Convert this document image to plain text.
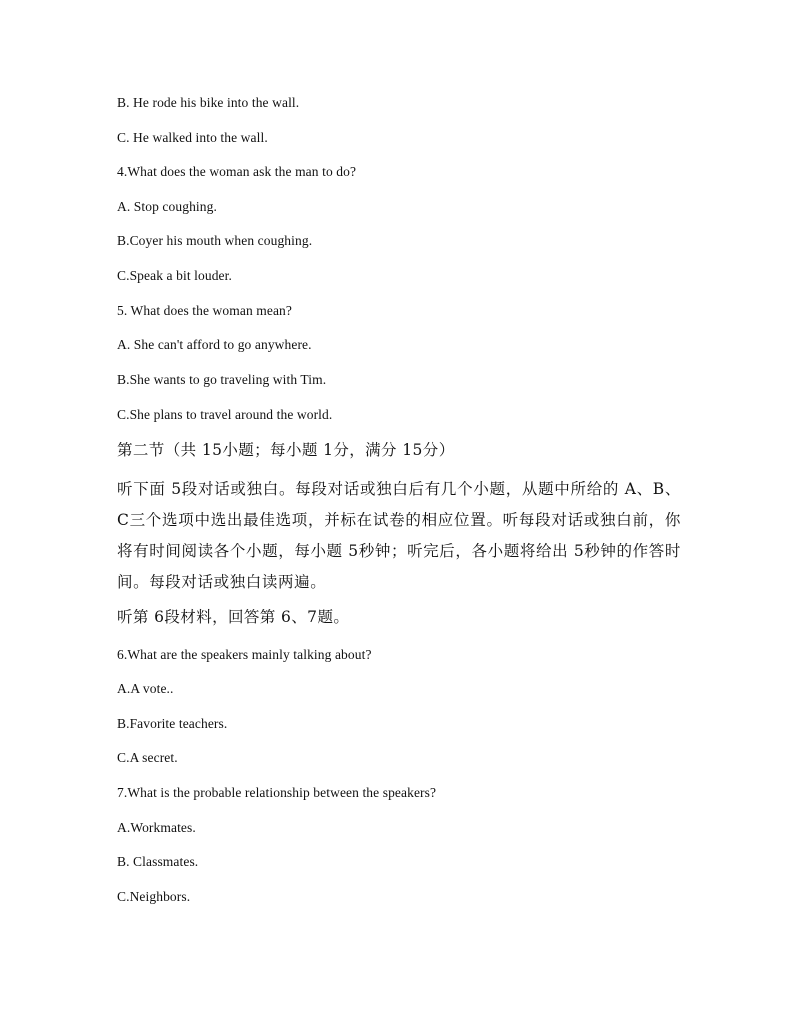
B. He rode his bike into the wall.
C. He walked into the wall.
4.What does the woman ask the man to do?
A. Stop coughing.
B.Coyer his mouth when coughing.
C.Speak a bit louder.
5. What does the woman mean?
A. She can't afford to go anywhere.
B.She wants to go traveling with Tim.
C.She plans to travel around the world.
第二节（共 15小题；每小题 1分，满分 15分）
听下面 5段对话或独白。每段对话或独白后有几个小题，从题中所给的 A、B、C三个选项中选出最佳选项，并标在试卷的相应位置。听每段对话或独白前，你将有时间阅读各个小题，每小题 5秒钟；听完后，各小题将给出 5秒钟的作答时间。每段对话或独白读两遍。
听第 6段材料，回答第 6、7题。
6.What are the speakers mainly talking about?
A.A vote..
B.Favorite teachers.
C.A secret.
7.What is the probable relationship between the speakers?
A.Workmates.
B. Classmates.
C.Neighbors.
